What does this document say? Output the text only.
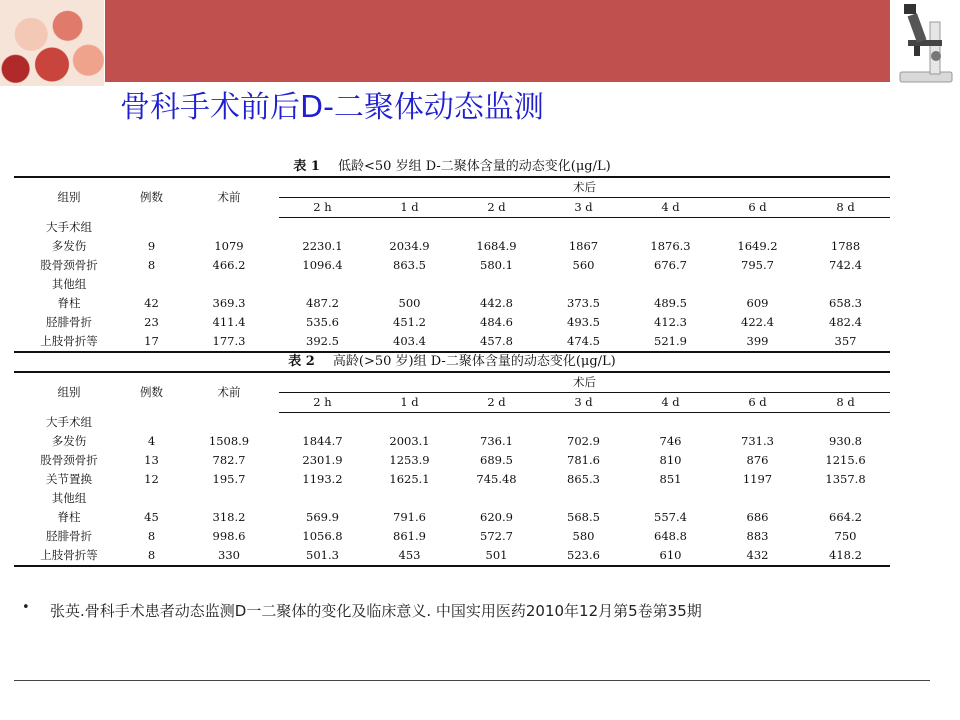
骨科手术前后D-二聚体动态监测
表 1 低龄<50 岁组 D-二聚体含量的动态变化(μg/L)
组别	例数	术前	术后						
			2 h	1 d	2 d	3 d	4 d	6 d	8 d
大手术组									
多发伤	9	1079	2230.1	2034.9	1684.9	1867	1876.3	1649.2	1788
股骨颈骨折	8	466.2	1096.4	863.5	580.1	560	676.7	795.7	742.4
其他组									
脊柱	42	369.3	487.2	500	442.8	373.5	489.5	609	658.3
胫腓骨折	23	411.4	535.6	451.2	484.6	493.5	412.3	422.4	482.4
上肢骨折等	17	177.3	392.5	403.4	457.8	474.5	521.9	399	357
表 2 高龄(>50 岁)组 D-二聚体含量的动态变化(μg/L)
组别	例数	术前	术后						
			2 h	1 d	2 d	3 d	4 d	6 d	8 d
大手术组									
多发伤	4	1508.9	1844.7	2003.1	736.1	702.9	746	731.3	930.8
股骨颈骨折	13	782.7	2301.9	1253.9	689.5	781.6	810	876	1215.6
关节置换	12	195.7	1193.2	1625.1	745.48	865.3	851	1197	1357.8
其他组									
脊柱	45	318.2	569.9	791.6	620.9	568.5	557.4	686	664.2
胫腓骨折	8	998.6	1056.8	861.9	572.7	580	648.8	883	750
上肢骨折等	8	330	501.3	453	501	523.6	610	432	418.2
• 张英.骨科手术患者动态监测D一二聚体的变化及临床意义. 中国实用医药2010年12月第5卷第35期
